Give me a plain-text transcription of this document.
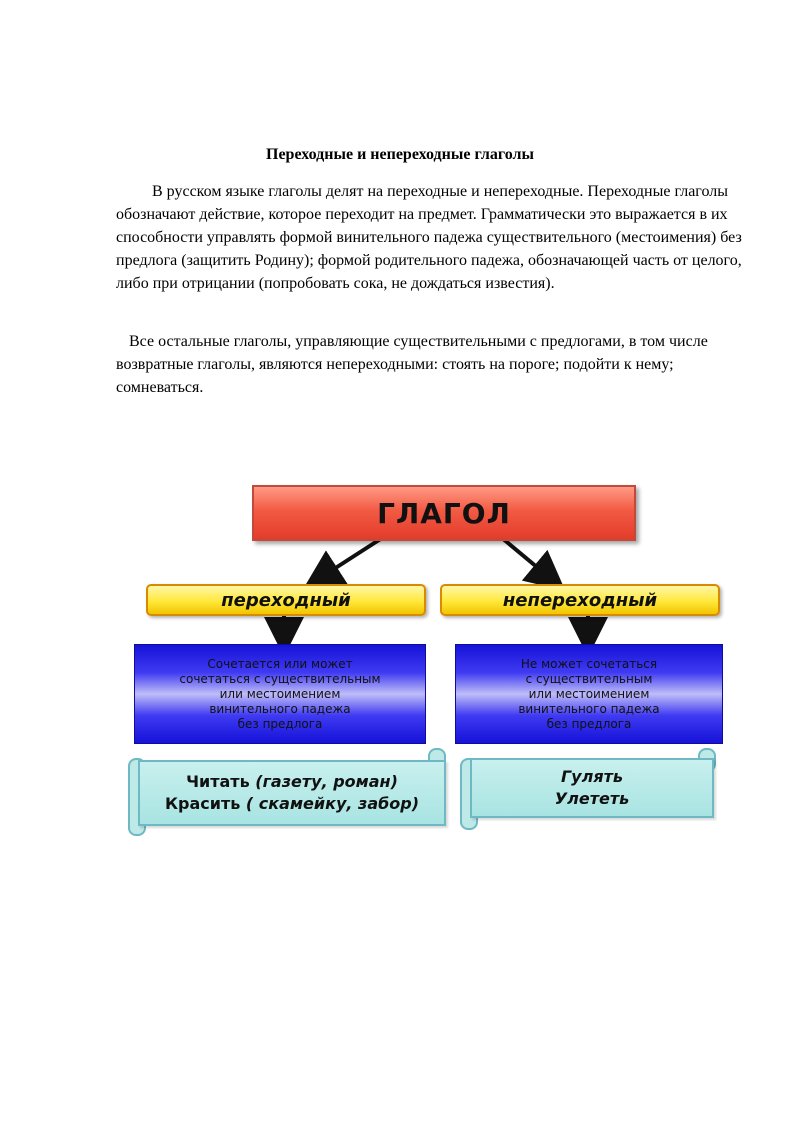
Переходные и непереходные глаголы

В русском языке глаголы делят на переходные и непереходные. Переходные глаголы обозначают действие, которое переходит на предмет. Грамматически это выражается в их способности управлять формой винительного падежа существительного (местоимения) без предлога (защитить Родину); формой родительного падежа, обозначающей часть от целого, либо при отрицании (попробовать сока, не дождаться известия).

Все остальные глаголы, управляющие существительными с предлогами, в том числе возвратные глаголы, являются непереходными: стоять на пороге; подойти к нему; сомневаться.

ГЛАГОЛ
переходный	непереходный
Сочетается или может
сочетаться с существительным
или местоимением
винительного падежа
без предлога
Не может сочетаться
с существительным
или местоимением
винительного падежа
без предлога
Читать (газету, роман)
Красить ( скамейку, забор)
Гулять
Улететь
